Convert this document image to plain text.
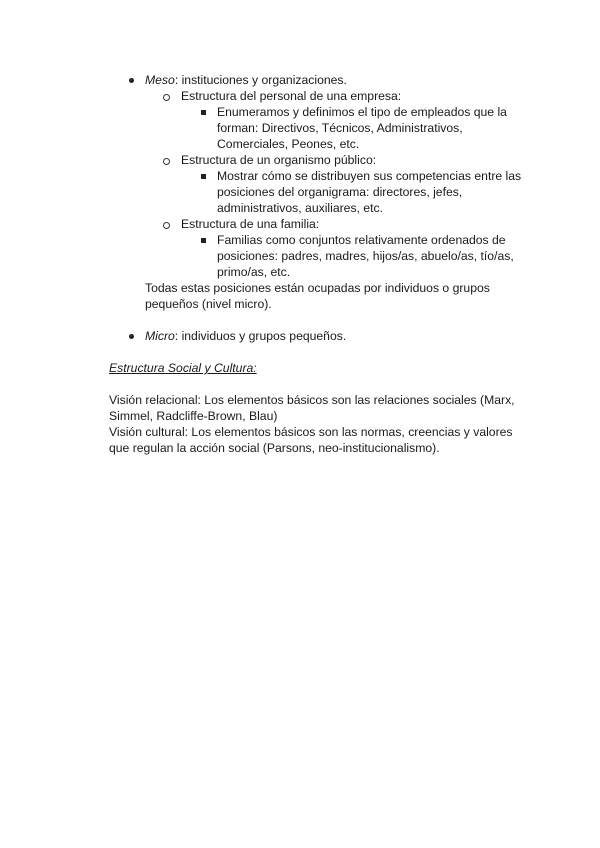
Meso: instituciones y organizaciones.
Estructura del personal de una empresa:
Enumeramos y definimos el tipo de empleados que la
forman: Directivos, Técnicos, Administrativos,
Comerciales, Peones, etc.
Estructura de un organismo público:
Mostrar cómo se distribuyen sus competencias entre las
posiciones del organigrama: directores, jefes,
administrativos, auxiliares, etc.
Estructura de una familia:
Familias como conjuntos relativamente ordenados de
posiciones: padres, madres, hijos/as, abuelo/as, tío/as,
primo/as, etc.
Todas estas posiciones están ocupadas por individuos o grupos
pequeños (nivel micro).
Micro: individuos y grupos pequeños.
Estructura Social y Cultura:
Visión relacional: Los elementos básicos son las relaciones sociales (Marx,
Simmel, Radcliffe-Brown, Blau)
Visión cultural: Los elementos básicos son las normas, creencias y valores
que regulan la acción social (Parsons, neo-institucionalismo).
